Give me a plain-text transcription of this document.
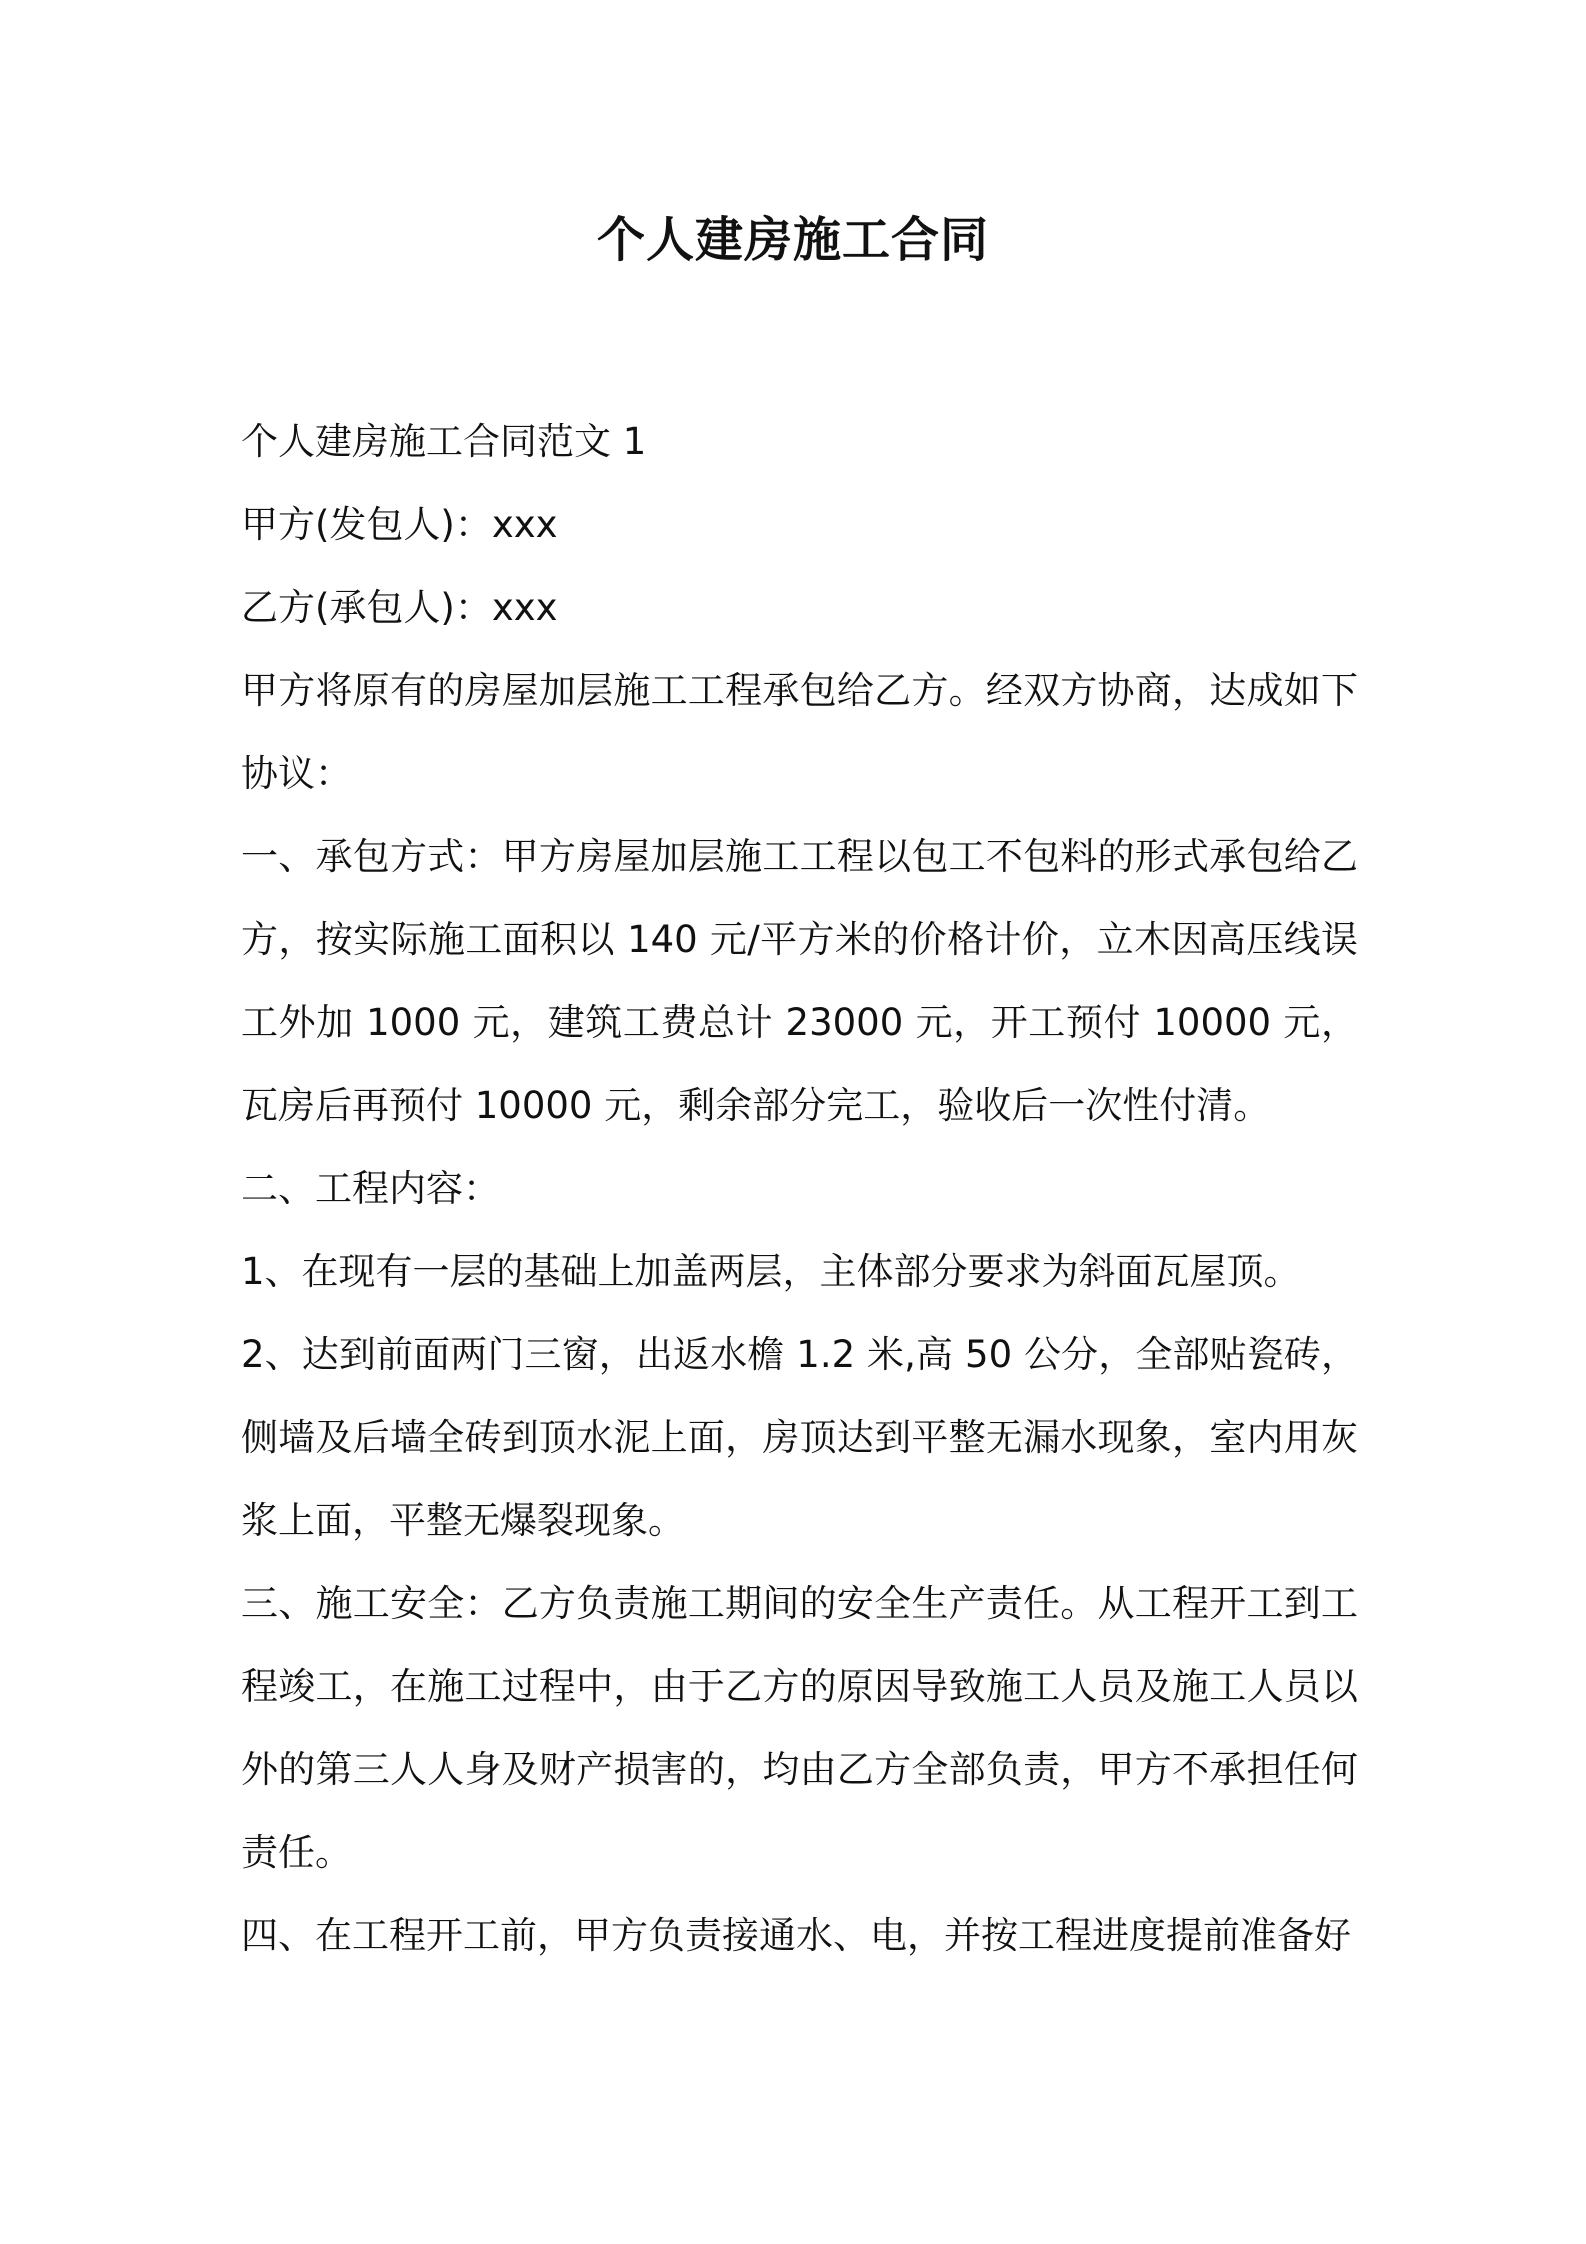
个人建房施工合同

个人建房施工合同范文 1

甲方(发包人)：xxx

乙方(承包人)：xxx

甲方将原有的房屋加层施工工程承包给乙方。经双方协商，达成如下协议：

一、承包方式：甲方房屋加层施工工程以包工不包料的形式承包给乙方，按实际施工面积以 140 元/平方米的价格计价，立木因高压线误工外加 1000 元，建筑工费总计 23000 元，开工预付 10000 元，瓦房后再预付 10000 元，剩余部分完工，验收后一次性付清。

二、工程内容：

1、在现有一层的基础上加盖两层，主体部分要求为斜面瓦屋顶。

2、达到前面两门三窗，出返水檐 1.2 米,高 50 公分，全部贴瓷砖，侧墙及后墙全砖到顶水泥上面，房顶达到平整无漏水现象，室内用灰浆上面，平整无爆裂现象。

三、施工安全：乙方负责施工期间的安全生产责任。从工程开工到工程竣工，在施工过程中，由于乙方的原因导致施工人员及施工人员以外的第三人人身及财产损害的，均由乙方全部负责，甲方不承担任何责任。

四、在工程开工前，甲方负责接通水、电，并按工程进度提前准备好
